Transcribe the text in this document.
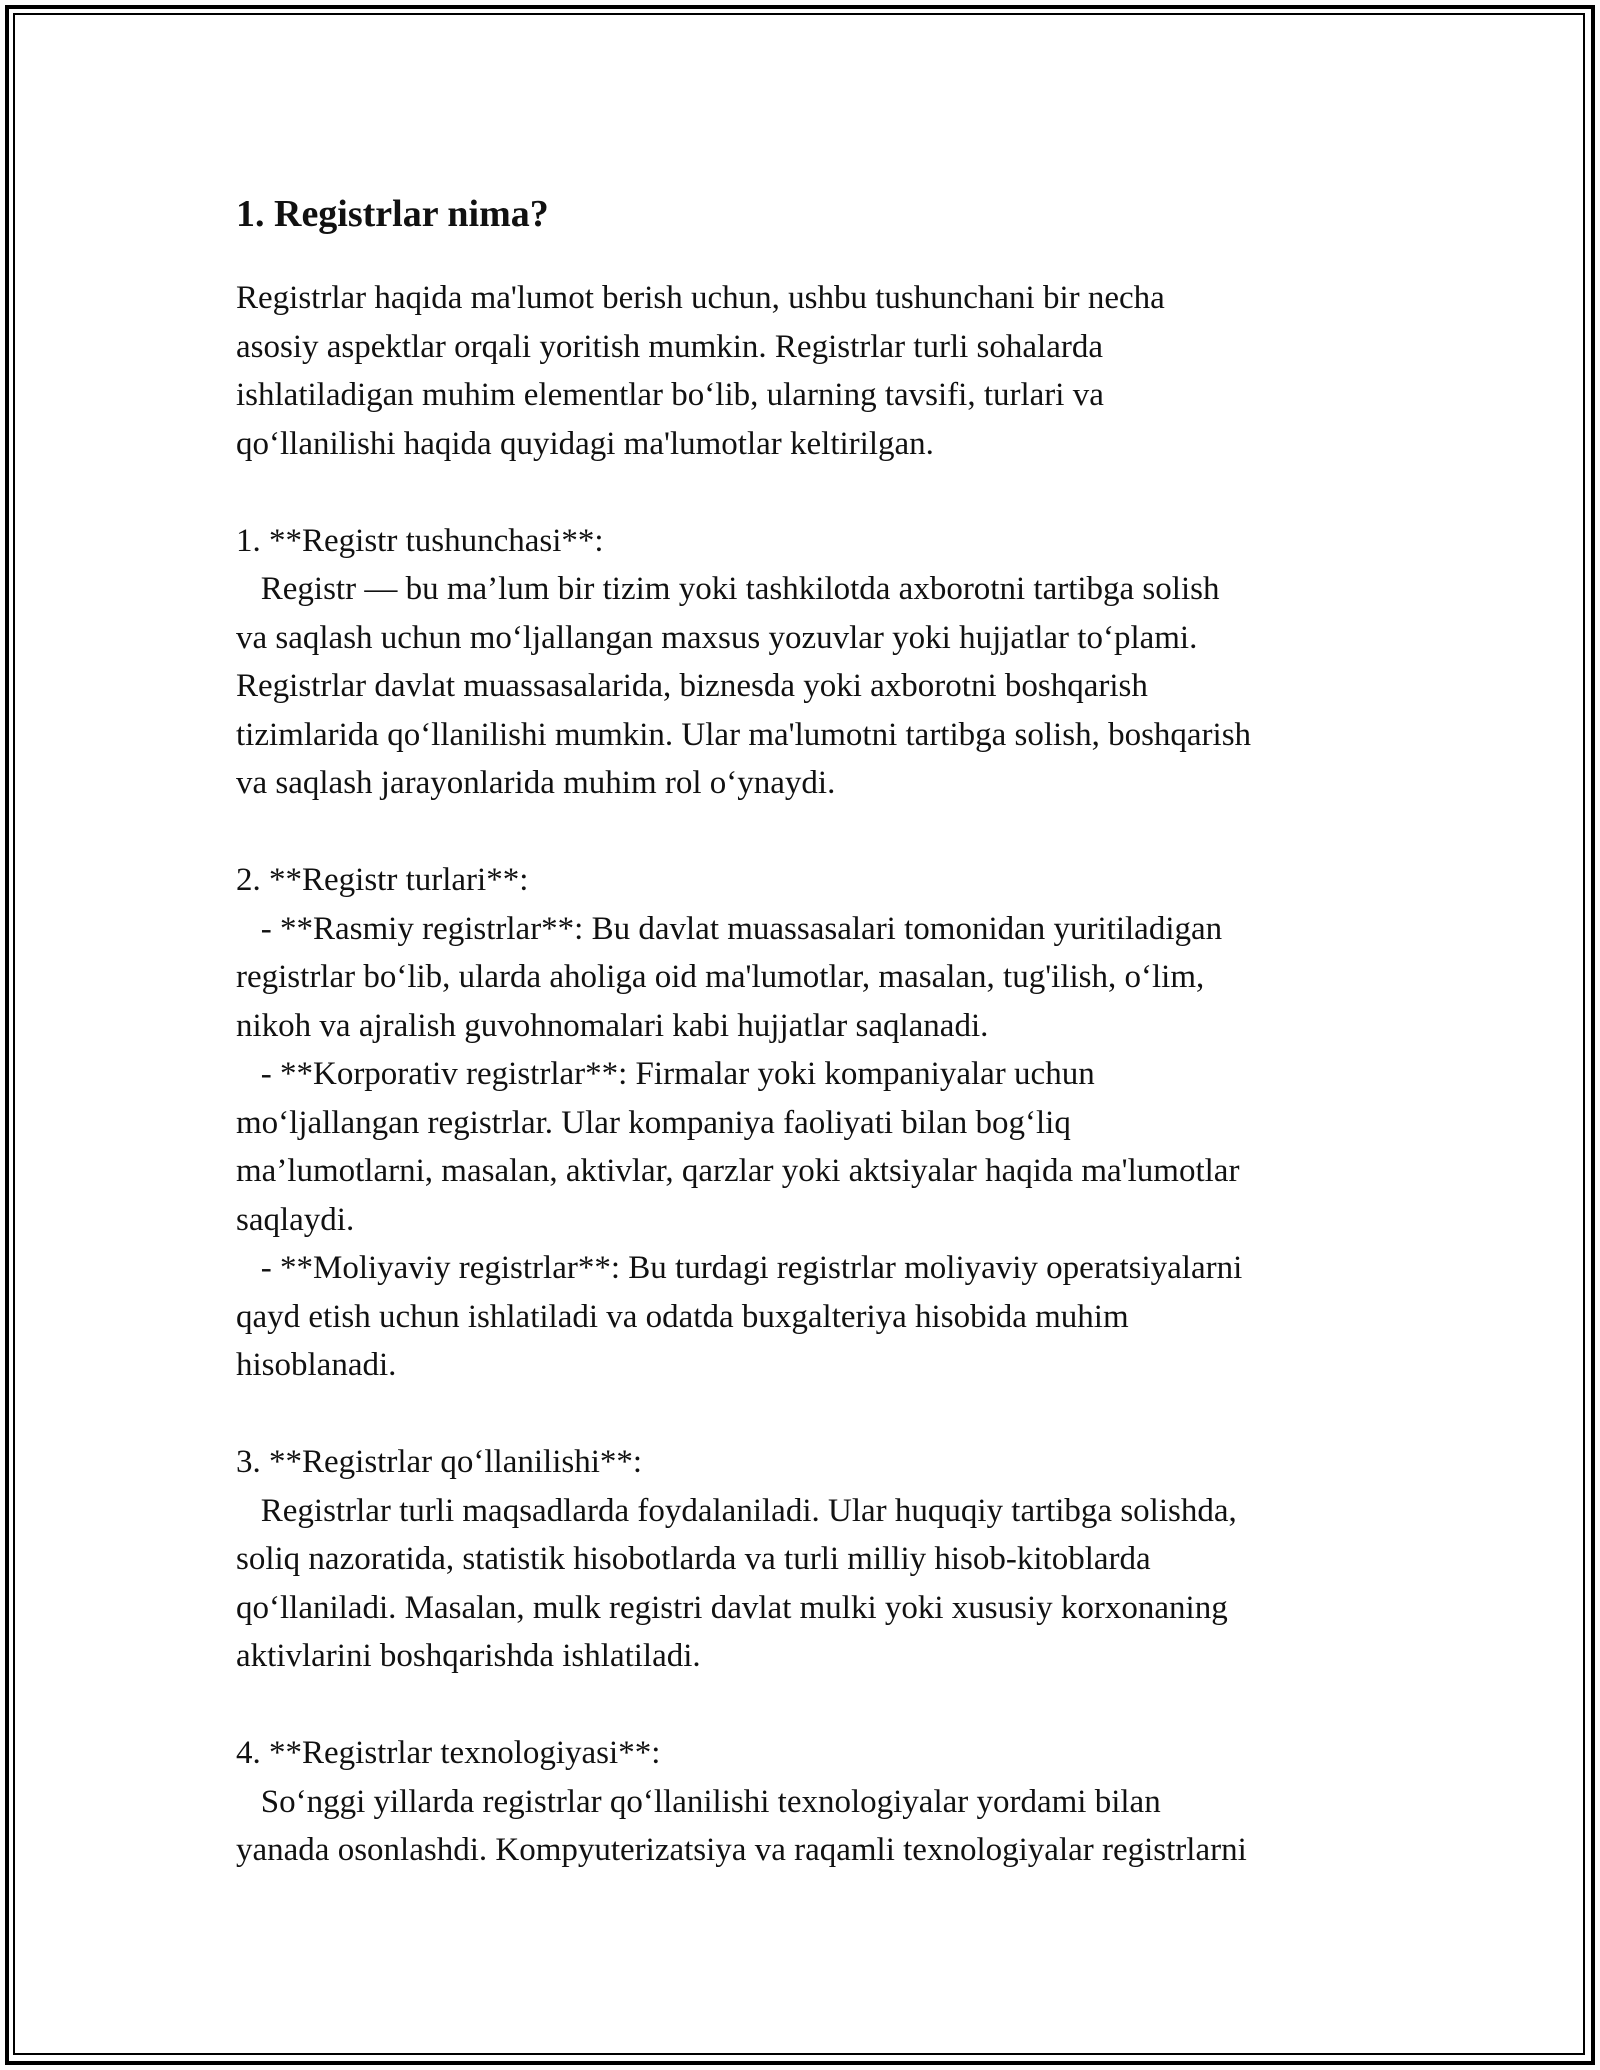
1. Registrlar nima?

Registrlar haqida ma'lumot berish uchun, ushbu tushunchani bir necha

asosiy aspektlar orqali yoritish mumkin. Registrlar turli sohalarda

ishlatiladigan muhim elementlar bo‘lib, ularning tavsifi, turlari va

qo‘llanilishi haqida quyidagi ma'lumotlar keltirilgan.

1. **Registr tushunchasi**:

Registr — bu ma’lum bir tizim yoki tashkilotda axborotni tartibga solish

va saqlash uchun mo‘ljallangan maxsus yozuvlar yoki hujjatlar to‘plami.

Registrlar davlat muassasalarida, biznesda yoki axborotni boshqarish

tizimlarida qo‘llanilishi mumkin. Ular ma'lumotni tartibga solish, boshqarish

va saqlash jarayonlarida muhim rol o‘ynaydi.

2. **Registr turlari**:

- **Rasmiy registrlar**: Bu davlat muassasalari tomonidan yuritiladigan

registrlar bo‘lib, ularda aholiga oid ma'lumotlar, masalan, tug'ilish, o‘lim,

nikoh va ajralish guvohnomalari kabi hujjatlar saqlanadi.

- **Korporativ registrlar**: Firmalar yoki kompaniyalar uchun

mo‘ljallangan registrlar. Ular kompaniya faoliyati bilan bog‘liq

ma’lumotlarni, masalan, aktivlar, qarzlar yoki aktsiyalar haqida ma'lumotlar

saqlaydi.

- **Moliyaviy registrlar**: Bu turdagi registrlar moliyaviy operatsiyalarni

qayd etish uchun ishlatiladi va odatda buxgalteriya hisobida muhim

hisoblanadi.

3. **Registrlar qo‘llanilishi**:

Registrlar turli maqsadlarda foydalaniladi. Ular huquqiy tartibga solishda,

soliq nazoratida, statistik hisobotlarda va turli milliy hisob-kitoblarda

qo‘llaniladi. Masalan, mulk registri davlat mulki yoki xususiy korxonaning

aktivlarini boshqarishda ishlatiladi.

4. **Registrlar texnologiyasi**:

So‘nggi yillarda registrlar qo‘llanilishi texnologiyalar yordami bilan

yanada osonlashdi. Kompyuterizatsiya va raqamli texnologiyalar registrlarni
